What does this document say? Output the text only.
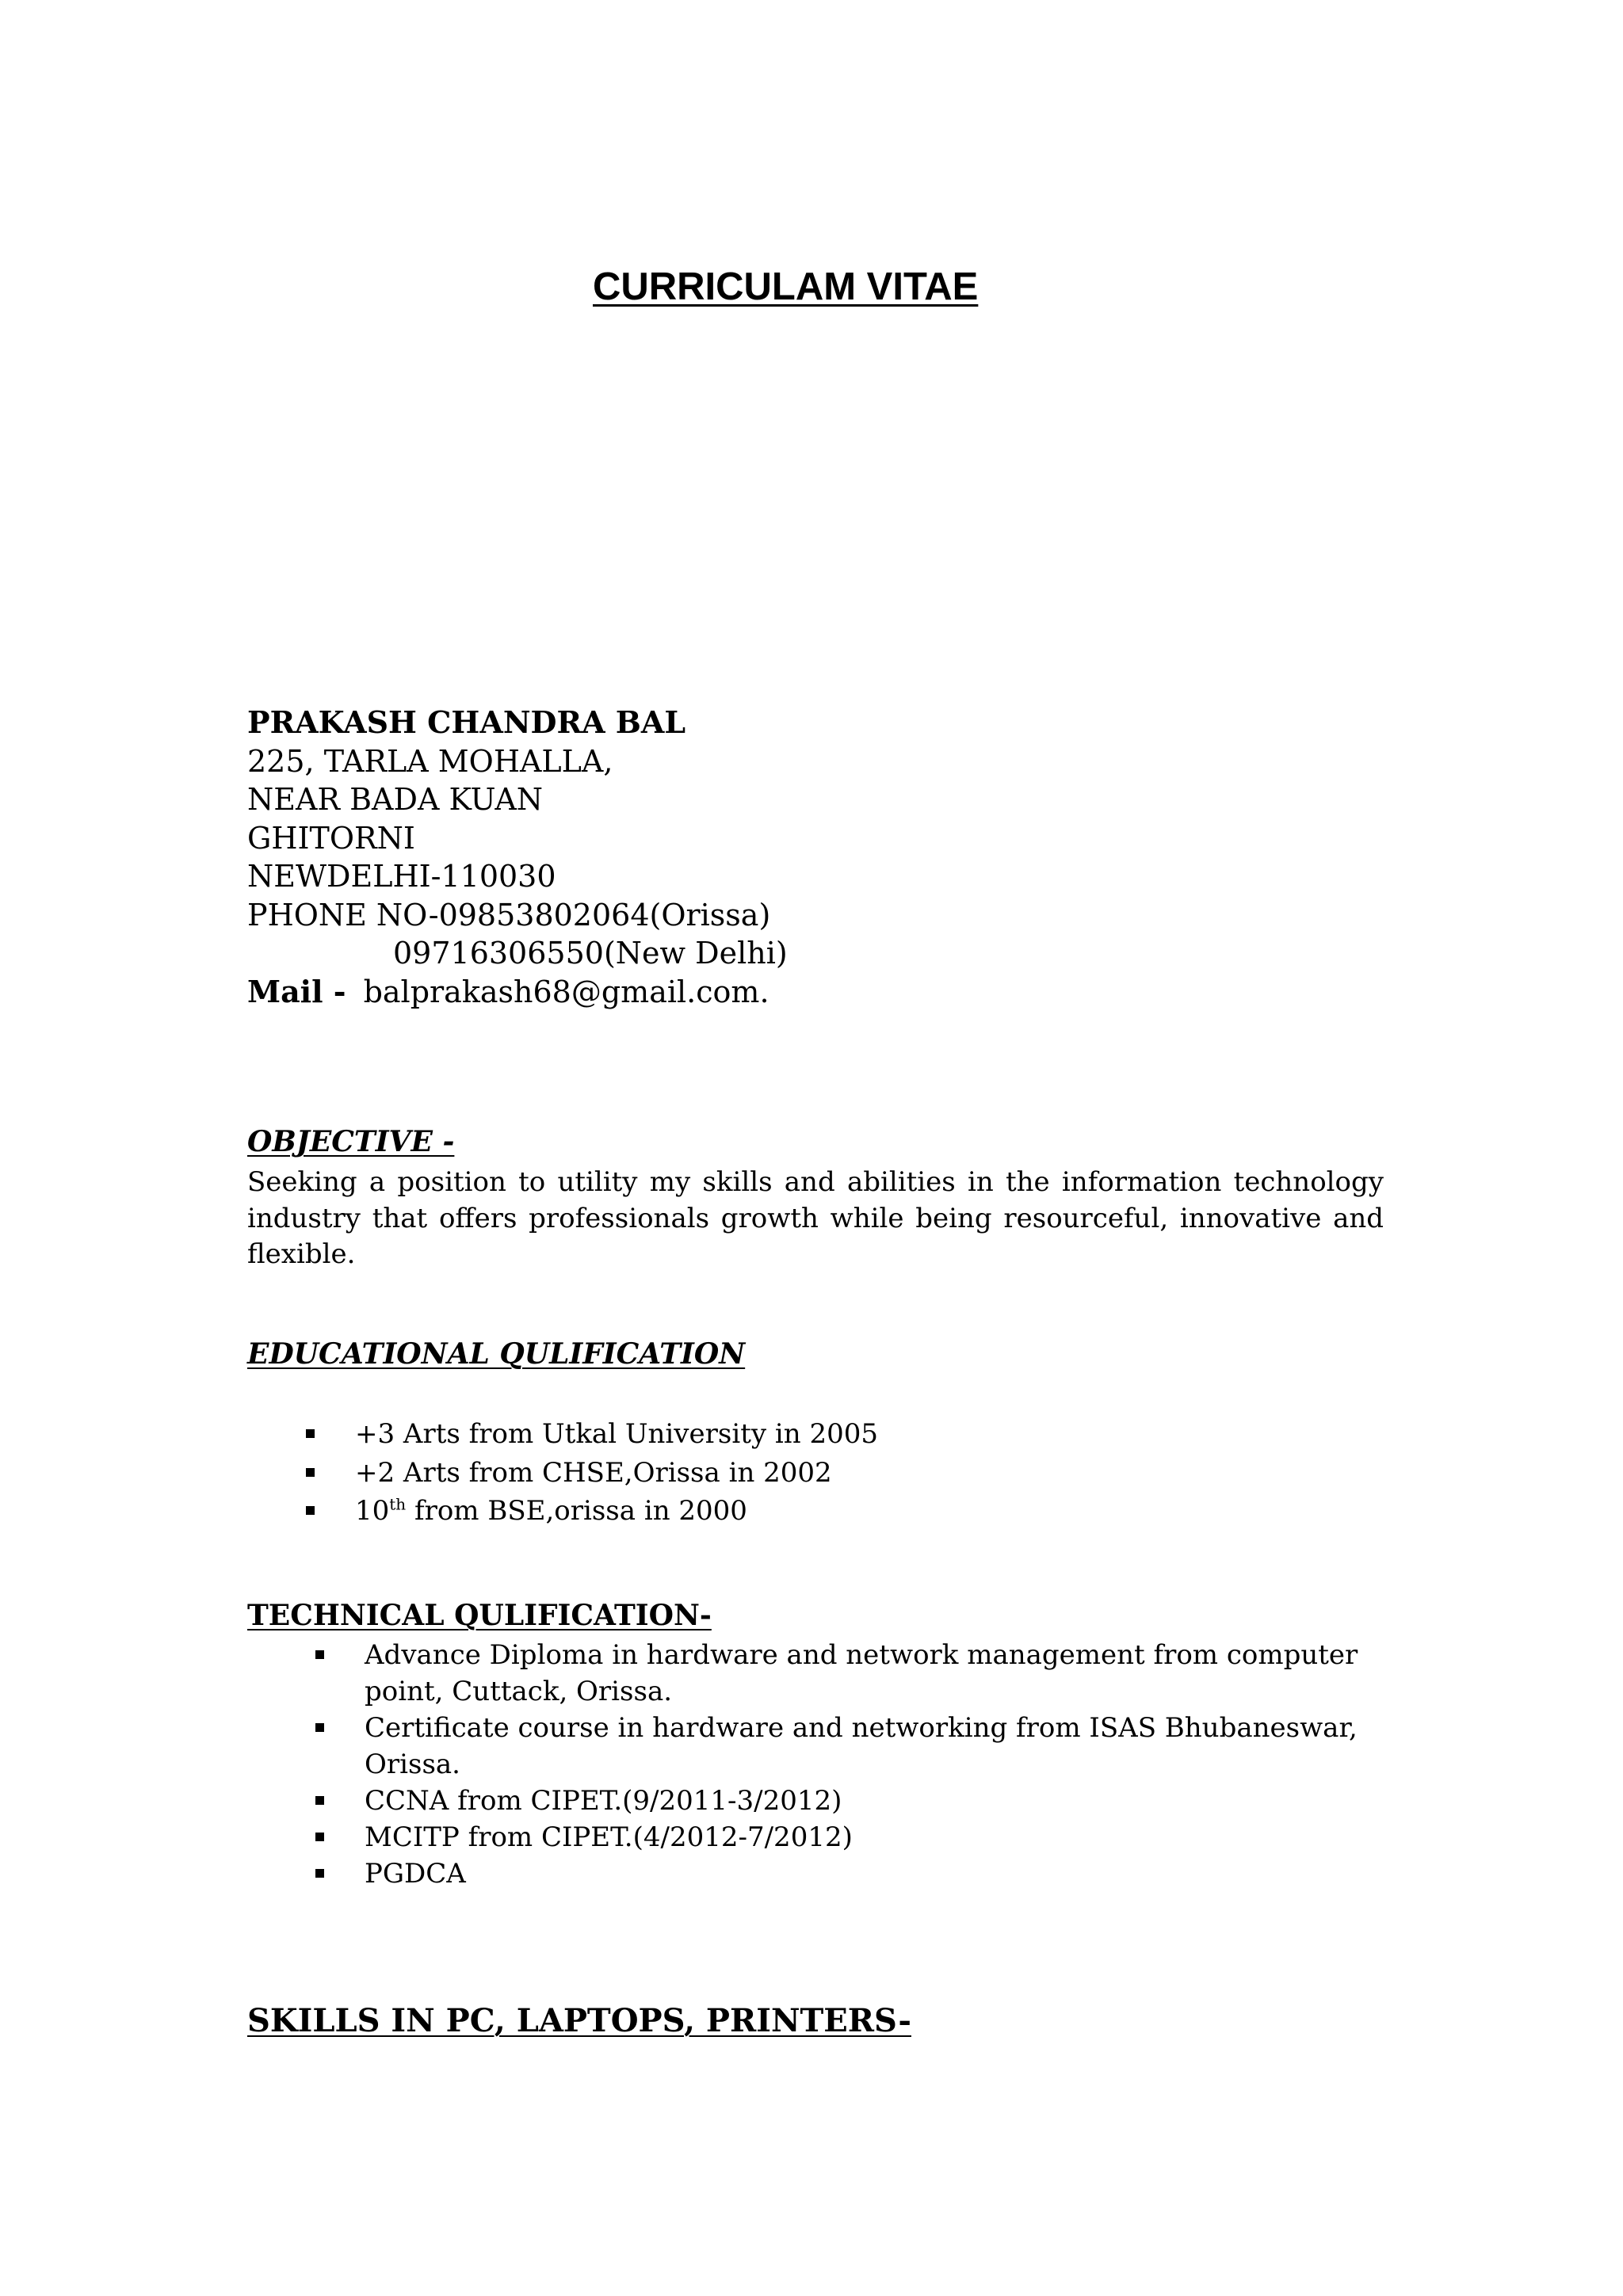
CURRICULAM VITAE
PRAKASH CHANDRA BAL
225, TARLA MOHALLA,
NEAR BADA KUAN
GHITORNI
NEWDELHI-110030
PHONE NO-09853802064(Orissa)
09716306550(New Delhi)
Mail - balprakash68@gmail.com.
OBJECTIVE -

Seeking a position to utility my skills and abilities in the information technology industry that offers professionals growth while being resourceful, innovative and flexible.

EDUCATIONAL QULIFICATION
+3 Arts from Utkal University in 2005
+2 Arts from CHSE,Orissa in 2002
10th from BSE,orissa in 2000
TECHNICAL QULIFICATION-
Advance Diploma in hardware and network management from computer point, Cuttack, Orissa.
Certificate course in hardware and networking from ISAS Bhubaneswar, Orissa.
CCNA from CIPET.(9/2011-3/2012)
MCITP from CIPET.(4/2012-7/2012)
PGDCA
SKILLS IN PC, LAPTOPS, PRINTERS-
